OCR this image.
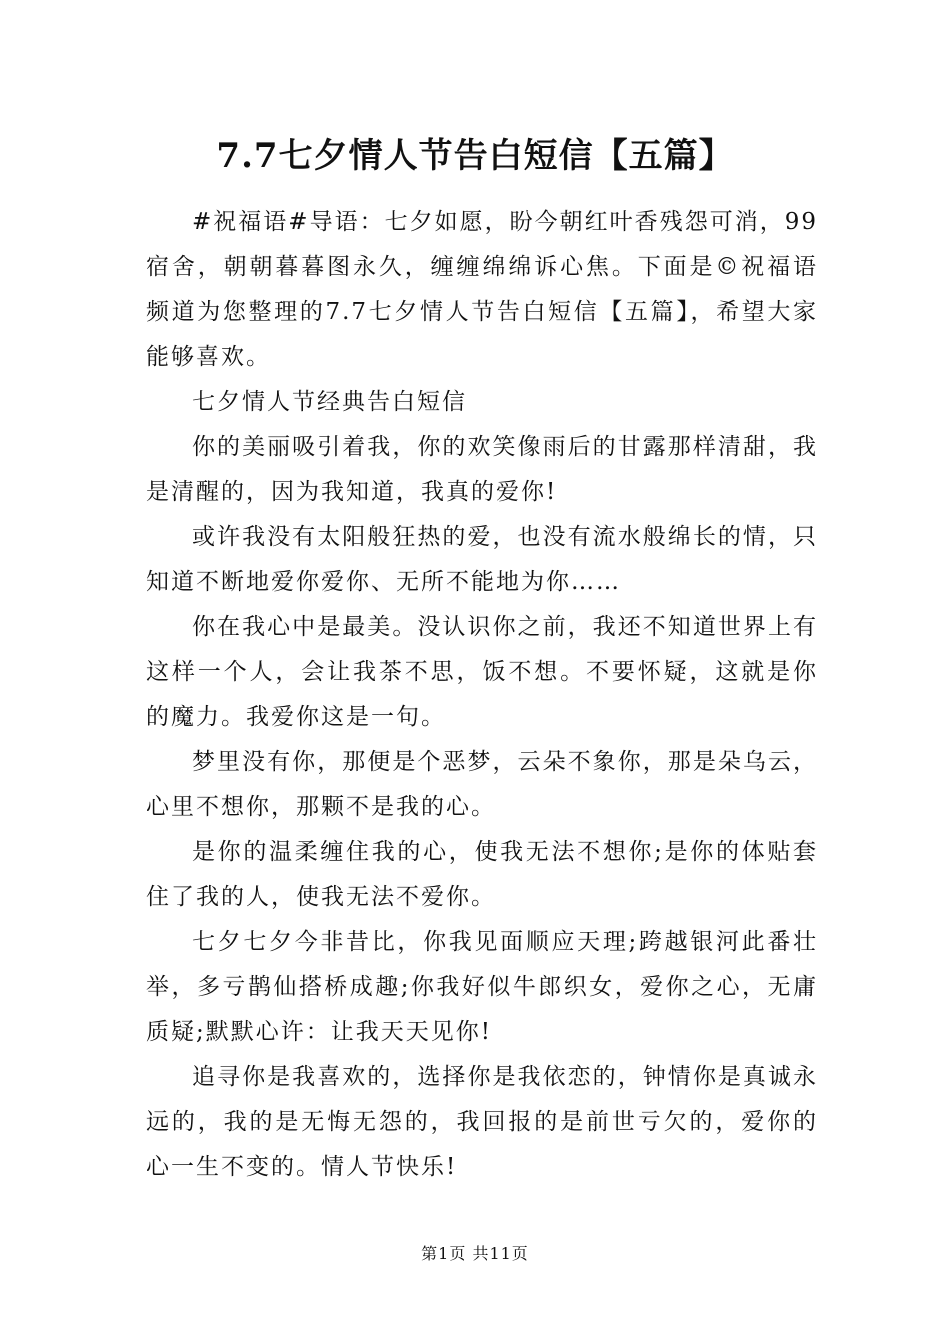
7.7七夕情人节告白短信【五篇】

#祝福语#导语：七夕如愿，盼今朝红叶香残怨可消，99宿舍，朝朝暮暮图永久，缠缠绵绵诉心焦。下面是©祝福语频道为您整理的7.7七夕情人节告白短信【五篇】，希望大家能够喜欢。

七夕情人节经典告白短信

你的美丽吸引着我，你的欢笑像雨后的甘露那样清甜，我是清醒的，因为我知道，我真的爱你!

或许我没有太阳般狂热的爱，也没有流水般绵长的情，只知道不断地爱你爱你、无所不能地为你……

你在我心中是最美。没认识你之前，我还不知道世界上有这样一个人，会让我茶不思，饭不想。不要怀疑，这就是你的魔力。我爱你这是一句。

梦里没有你，那便是个恶梦，云朵不象你，那是朵乌云，心里不想你，那颗不是我的心。

是你的温柔缠住我的心，使我无法不想你;是你的体贴套住了我的人，使我无法不爱你。

七夕七夕今非昔比，你我见面顺应天理;跨越银河此番壮举，多亏鹊仙搭桥成趣;你我好似牛郎织女，爱你之心，无庸质疑;默默心许：让我天天见你!

追寻你是我喜欢的，选择你是我依恋的，钟情你是真诚永远的，我的是无悔无怨的，我回报的是前世亏欠的，爱你的心一生不变的。情人节快乐!

第1页 共11页
